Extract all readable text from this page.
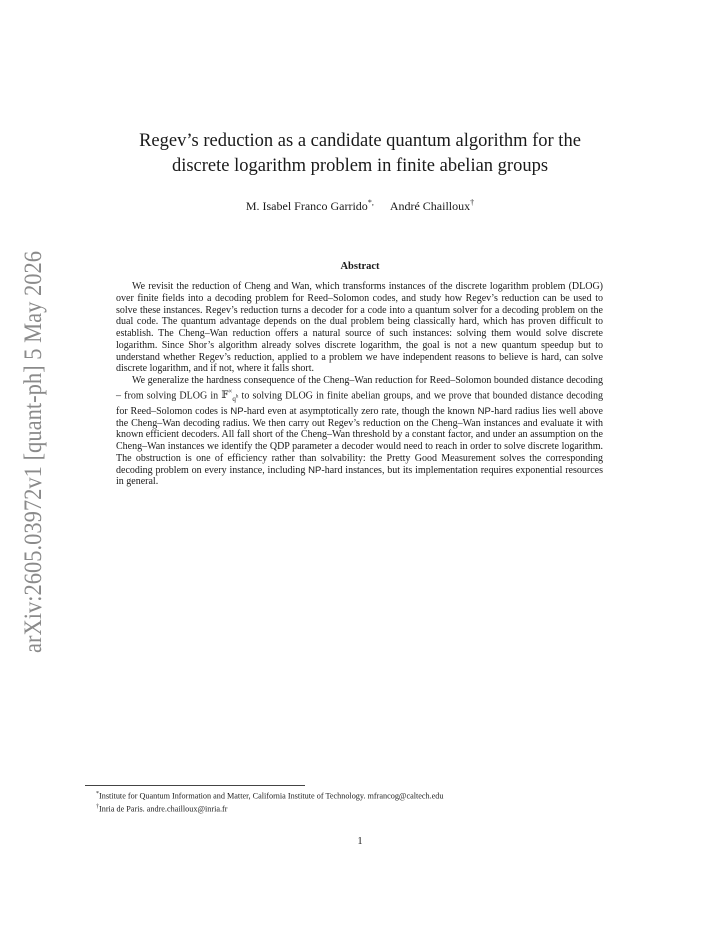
arXiv:2605.03972v1 [quant-ph] 5 May 2026
Regev’s reduction as a candidate quantum algorithm for the
discrete logarithm problem in finite abelian groups
M. Isabel Franco Garrido*, André Chailloux†
Abstract

We revisit the reduction of Cheng and Wan, which transforms instances of the discrete logarithm problem (DLOG) over finite fields into a decoding problem for Reed–Solomon codes, and study how Regev’s reduction can be used to solve these instances. Regev’s reduction turns a decoder for a code into a quantum solver for a decoding problem on the dual code. The quantum advantage depends on the dual problem being classically hard, which has proven difficult to establish. The Cheng–Wan reduction offers a natural source of such instances: solving them would solve discrete logarithm. Since Shor’s algorithm already solves discrete logarithm, the goal is not a new quantum speedup but to understand whether Regev’s reduction, applied to a problem we have independent reasons to believe is hard, can solve discrete logarithm, and if not, where it falls short.

We generalize the hardness consequence of the Cheng–Wan reduction for Reed–Solomon bounded distance decoding – from solving DLOG in 𝔽×$_{q^h}$ to solving DLOG in finite abelian groups, and we prove that bounded distance decoding for Reed–Solomon codes is NP-hard even at asymptotically zero rate, though the known NP-hard radius lies well above the Cheng–Wan decoding radius. We then carry out Regev’s reduction on the Cheng–Wan instances and evaluate it with known efficient decoders. All fall short of the Cheng–Wan threshold by a constant factor, and under an assumption on the Cheng–Wan instances we identify the QDP parameter a decoder would need to reach in order to solve discrete logarithm. The obstruction is one of efficiency rather than solvability: the Pretty Good Measurement solves the corresponding decoding problem on every instance, including NP-hard instances, but its implementation requires exponential resources in general.

*Institute for Quantum Information and Matter, California Institute of Technology. mfrancog@caltech.edu
†Inria de Paris. andre.chailloux@inria.fr
1
